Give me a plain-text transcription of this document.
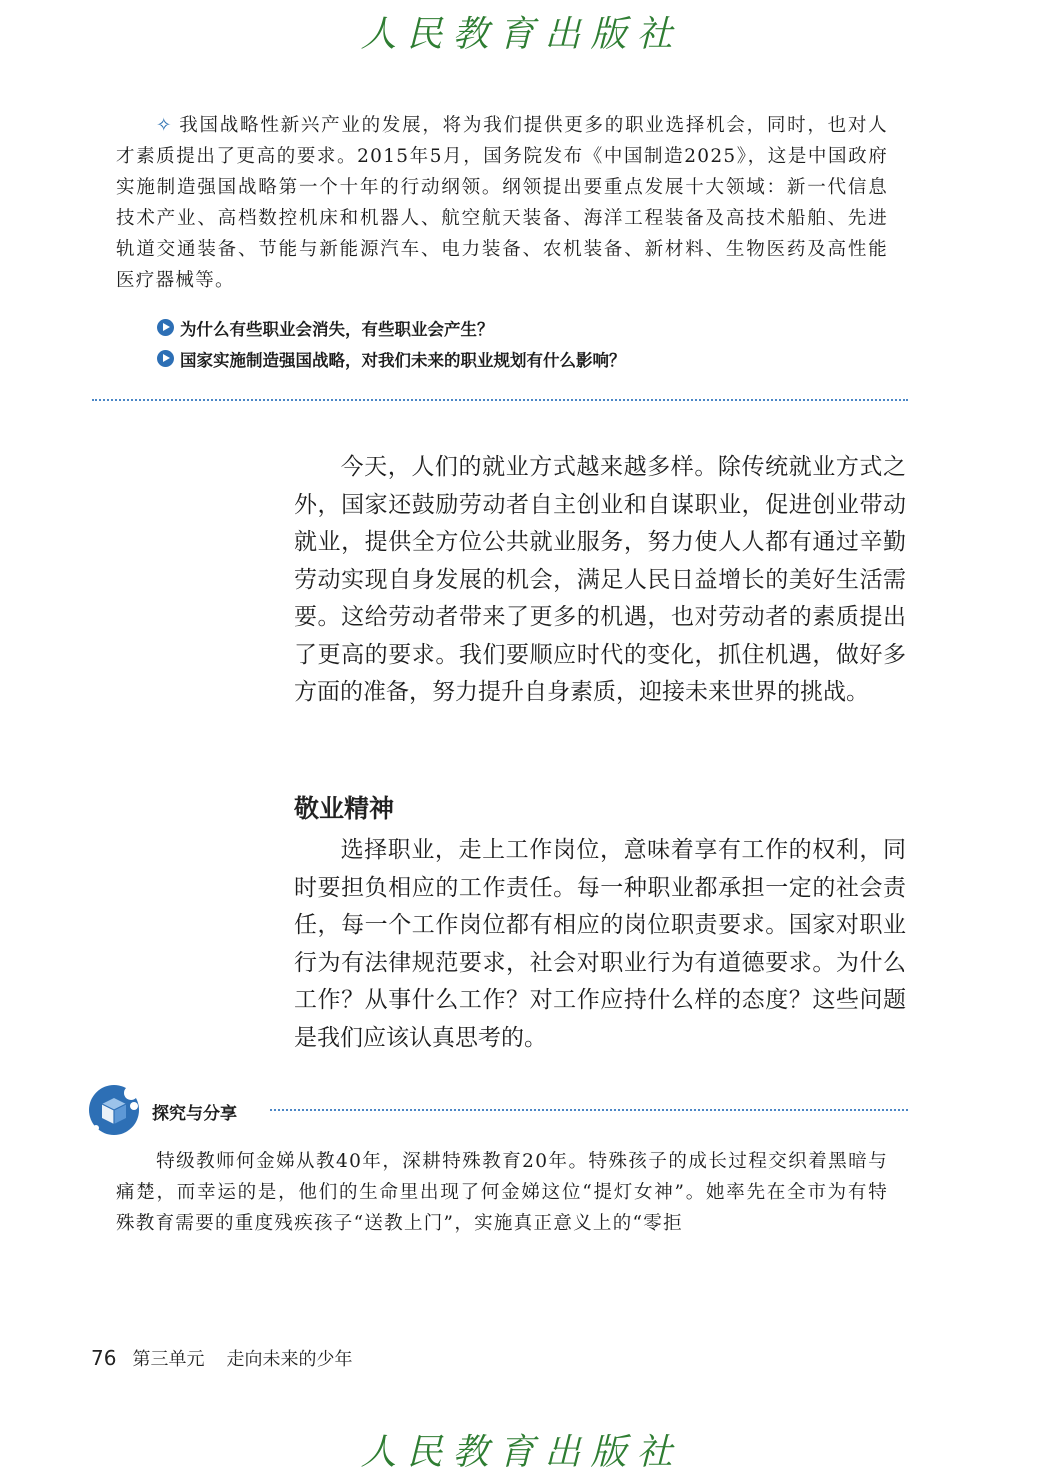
人民教育出版社
✧ 我国战略性新兴产业的发展，将为我们提供更多的职业选择机会，同时，也对人才素质提出了更高的要求。2015年5月，国务院发布《中国制造2025》，这是中国政府实施制造强国战略第一个十年的行动纲领。纲领提出要重点发展十大领域：新一代信息技术产业、高档数控机床和机器人、航空航天装备、海洋工程装备及高技术船舶、先进轨道交通装备、节能与新能源汽车、电力装备、农机装备、新材料、生物医药及高性能医疗器械等。
为什么有些职业会消失，有些职业会产生？
国家实施制造强国战略，对我们未来的职业规划有什么影响？
今天，人们的就业方式越来越多样。除传统就业方式之外，国家还鼓励劳动者自主创业和自谋职业，促进创业带动就业，提供全方位公共就业服务，努力使人人都有通过辛勤劳动实现自身发展的机会，满足人民日益增长的美好生活需要。这给劳动者带来了更多的机遇，也对劳动者的素质提出了更高的要求。我们要顺应时代的变化，抓住机遇，做好多方面的准备，努力提升自身素质，迎接未来世界的挑战。
敬业精神
选择职业，走上工作岗位，意味着享有工作的权利，同时要担负相应的工作责任。每一种职业都承担一定的社会责任，每一个工作岗位都有相应的岗位职责要求。国家对职业行为有法律规范要求，社会对职业行为有道德要求。为什么工作？从事什么工作？对工作应持什么样的态度？这些问题是我们应该认真思考的。
探究与分享
特级教师何金娣从教40年，深耕特殊教育20年。特殊孩子的成长过程交织着黑暗与痛楚，而幸运的是，他们的生命里出现了何金娣这位“提灯女神”。她率先在全市为有特殊教育需要的重度残疾孩子“送教上门”，实施真正意义上的“零拒
76 第三单元 走向未来的少年
人民教育出版社
